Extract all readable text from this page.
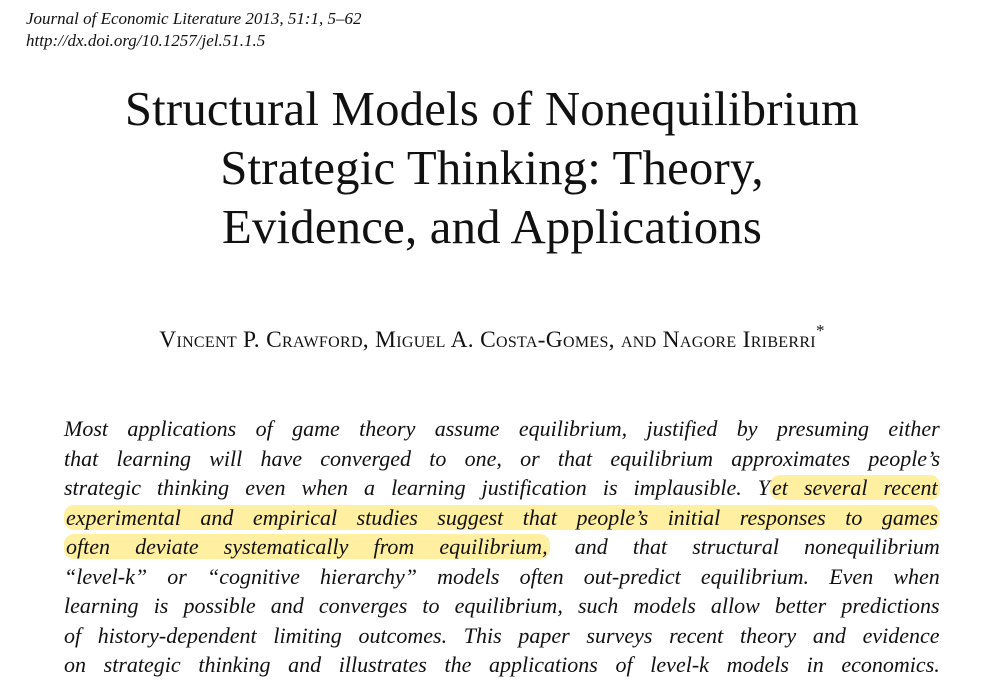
Journal of Economic Literature 2013, 51:1, 5–62
http://dx.doi.org/10.1257/jel.51.1.5
Structural Models of Nonequilibrium
Strategic Thinking: Theory,
Evidence, and Applications
Vincent P. Crawford, Miguel A. Costa-Gomes, and Nagore Iriberri*
Most applications of game theory assume equilibrium, justified by presuming either
that learning will have converged to one, or that equilibrium approximates people’s
strategic thinking even when a learning justification is implausible. Yet several recent
experimental and empirical studies suggest that people’s initial responses to games
often deviate systematically from equilibrium, and that structural nonequilibrium
“level-k” or “cognitive hierarchy” models often out-predict equilibrium. Even when
learning is possible and converges to equilibrium, such models allow better predictions
of history-dependent limiting outcomes. This paper surveys recent theory and evidence
on strategic thinking and illustrates the applications of level-k models in economics.
